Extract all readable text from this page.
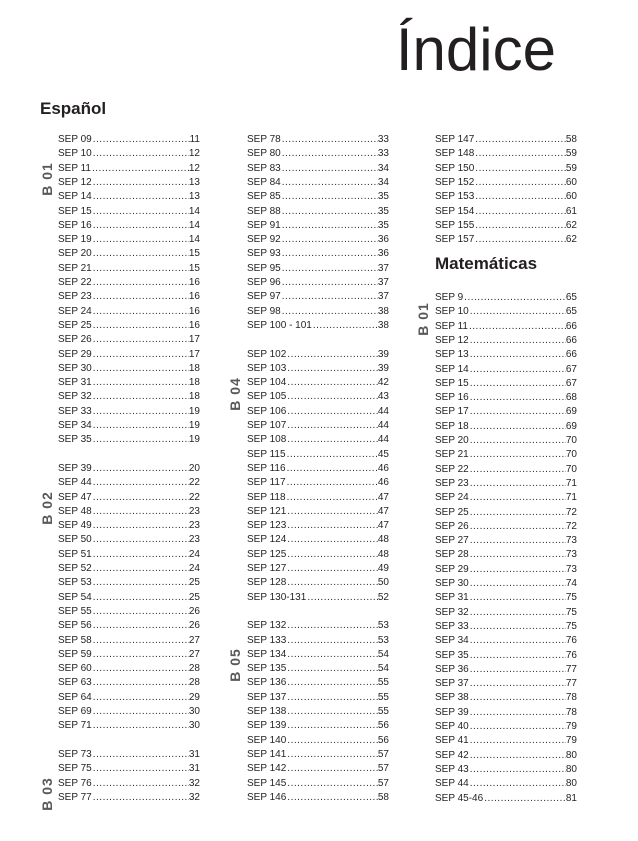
Índice
Español
Matemáticas
B 01
SEP 09 .....	11
SEP 10 .....	12
SEP 11 .....	12
SEP 12 .....	13
SEP 14 .....	13
SEP 15 .....	14
SEP 16 .....	14
SEP 19 .....	14
SEP 20 .....	15
SEP 21 .....	15
SEP 22 .....	16
SEP 23 .....	16
SEP 24 .....	16
SEP 25 .....	16
SEP 26 .....	17
SEP 29 .....	17
SEP 30 .....	18
SEP 31 .....	18
SEP 32 .....	18
SEP 33 .....	19
SEP 34 .....	19
SEP 35 .....	19
B 02
SEP 39 .....	20
SEP 44 .....	22
SEP 47 .....	22
SEP 48 .....	23
SEP 49 .....	23
SEP 50 .....	23
SEP 51 .....	24
SEP 52 .....	24
SEP 53 .....	25
SEP 54 .....	25
SEP 55 .....	26
SEP 56 .....	26
SEP 58 .....	27
SEP 59 .....	27
SEP 60 .....	28
SEP 63 .....	28
SEP 64 .....	29
SEP 69 .....	30
SEP 71 .....	30
B 03
SEP 73 .....	31
SEP 75 .....	31
SEP 76 .....	32
SEP 77 .....	32
SEP 78 .....	33
SEP 80 .....	33
SEP 83 .....	34
SEP 84 .....	34
SEP 85 .....	35
SEP 88 .....	35
SEP 91 .....	35
SEP 92 .....	36
SEP 93 .....	36
SEP 95 .....	37
SEP 96 .....	37
SEP 97 .....	37
SEP 98 .....	38
SEP 100 - 101 .....	38
B 04
SEP 102 .....	39
SEP 103 .....	39
SEP 104 .....	42
SEP 105 .....	43
SEP 106 .....	44
SEP 107 .....	44
SEP 108 .....	44
SEP 115 .....	45
SEP 116 .....	46
SEP 117 .....	46
SEP 118 .....	47
SEP 121 .....	47
SEP 123 .....	47
SEP 124 .....	48
SEP 125 .....	48
SEP 127 .....	49
SEP 128 .....	50
SEP 130-131 .....	52
B 05
SEP 132 .....	53
SEP 133 .....	53
SEP 134 .....	54
SEP 135 .....	54
SEP 136 .....	55
SEP 137 .....	55
SEP 138 .....	55
SEP 139 .....	56
SEP 140 .....	56
SEP 141 .....	57
SEP 142 .....	57
SEP 145 .....	57
SEP 146 .....	58
SEP 147 .....	58
SEP 148 .....	59
SEP 150 .....	59
SEP 152 .....	60
SEP 153 .....	60
SEP 154 .....	61
SEP 155 .....	62
SEP 157 .....	62
B 01
SEP 9 .....	65
SEP 10 .....	65
SEP 11 .....	66
SEP 12 .....	66
SEP 13 .....	66
SEP 14 .....	67
SEP 15 .....	67
SEP 16 .....	68
SEP 17 .....	69
SEP 18 .....	69
SEP 20 .....	70
SEP 21 .....	70
SEP 22 .....	70
SEP 23 .....	71
SEP 24 .....	71
SEP 25 .....	72
SEP 26 .....	72
SEP 27 .....	73
SEP 28 .....	73
SEP 29 .....	73
SEP 30 .....	74
SEP 31 .....	75
SEP 32 .....	75
SEP 33 .....	75
SEP 34 .....	76
SEP 35 .....	76
SEP 36 .....	77
SEP 37 .....	77
SEP 38 .....	78
SEP 39 .....	78
SEP 40 .....	79
SEP 41 .....	79
SEP 42 .....	80
SEP 43 .....	80
SEP 44 .....	80
SEP 45-46 .....	81
